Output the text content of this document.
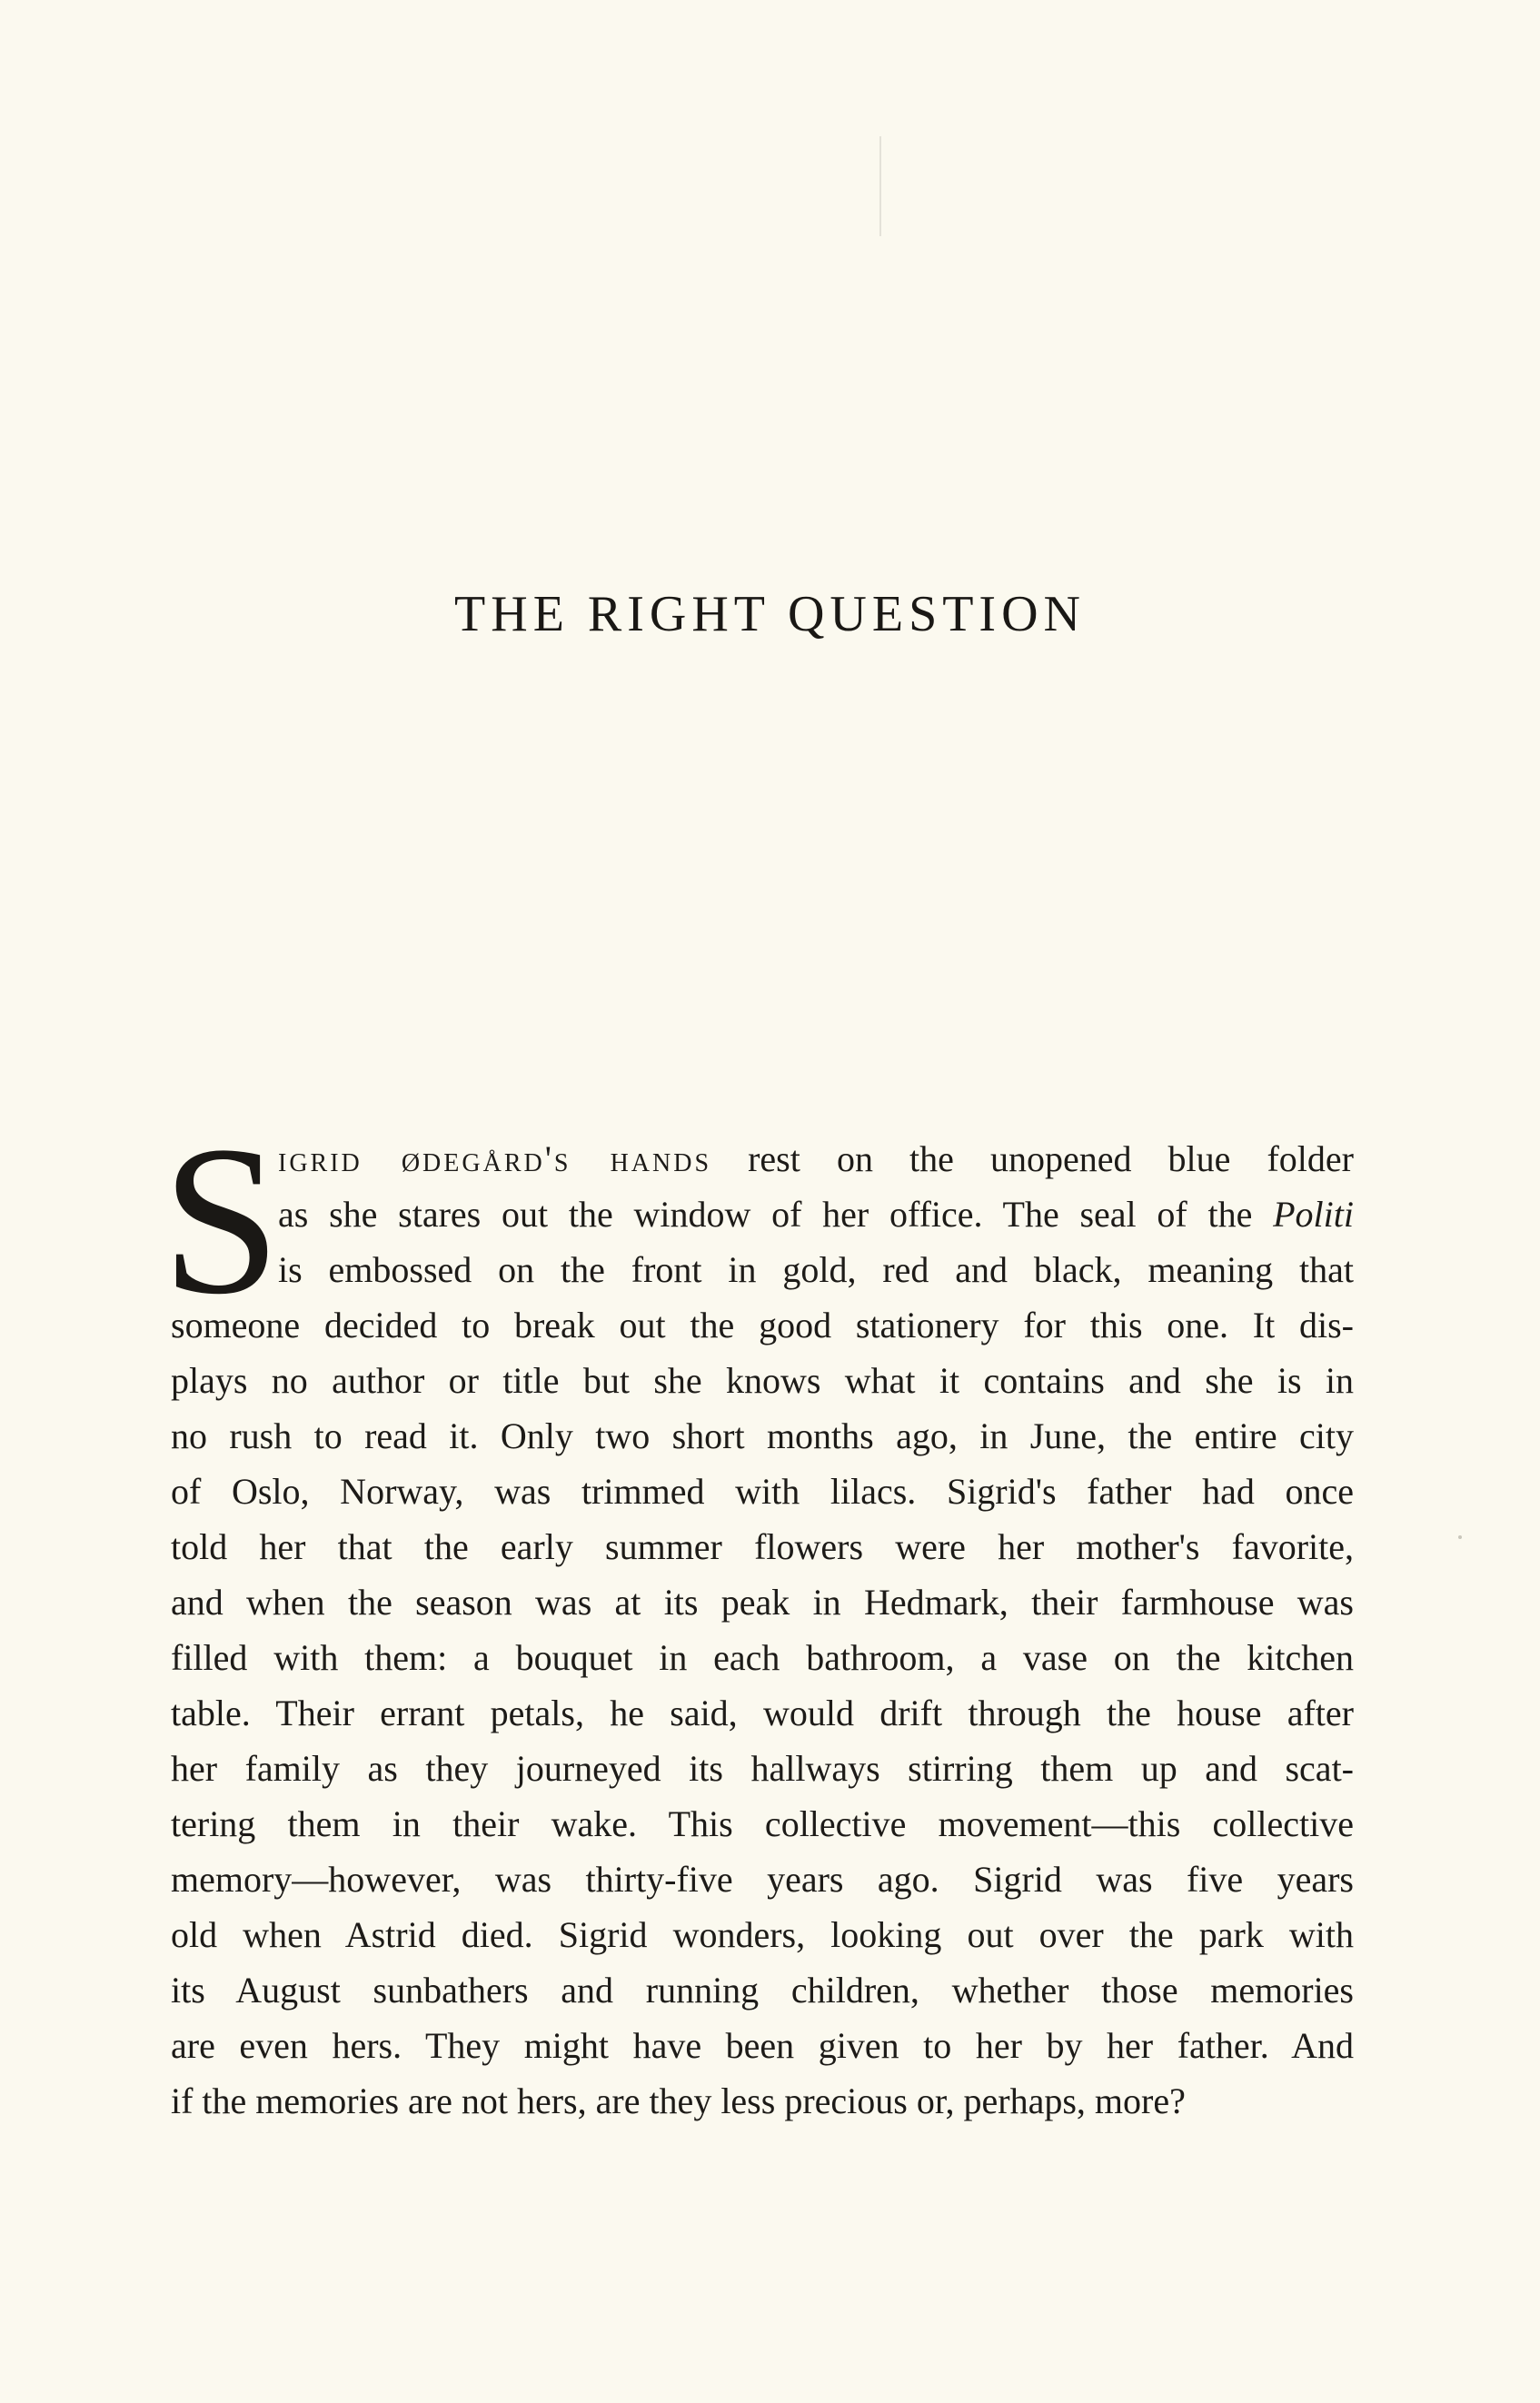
THE RIGHT QUESTION
S
igrid ødegård's hands rest on the unopened blue folder
as she stares out the window of her office. The seal of the Politi
is embossed on the front in gold, red and black, meaning that
someone decided to break out the good stationery for this one. It dis-
plays no author or title but she knows what it contains and she is in
no rush to read it. Only two short months ago, in June, the entire city
of Oslo, Norway, was trimmed with lilacs. Sigrid's father had once
told her that the early summer flowers were her mother's favorite,
and when the season was at its peak in Hedmark, their farmhouse was
filled with them: a bouquet in each bathroom, a vase on the kitchen
table. Their errant petals, he said, would drift through the house after
her family as they journeyed its hallways stirring them up and scat-
tering them in their wake. This collective movement—this collective
memory—however, was thirty-five years ago. Sigrid was five years
old when Astrid died. Sigrid wonders, looking out over the park with
its August sunbathers and running children, whether those memories
are even hers. They might have been given to her by her father. And
if the memories are not hers, are they less precious or, perhaps, more?
